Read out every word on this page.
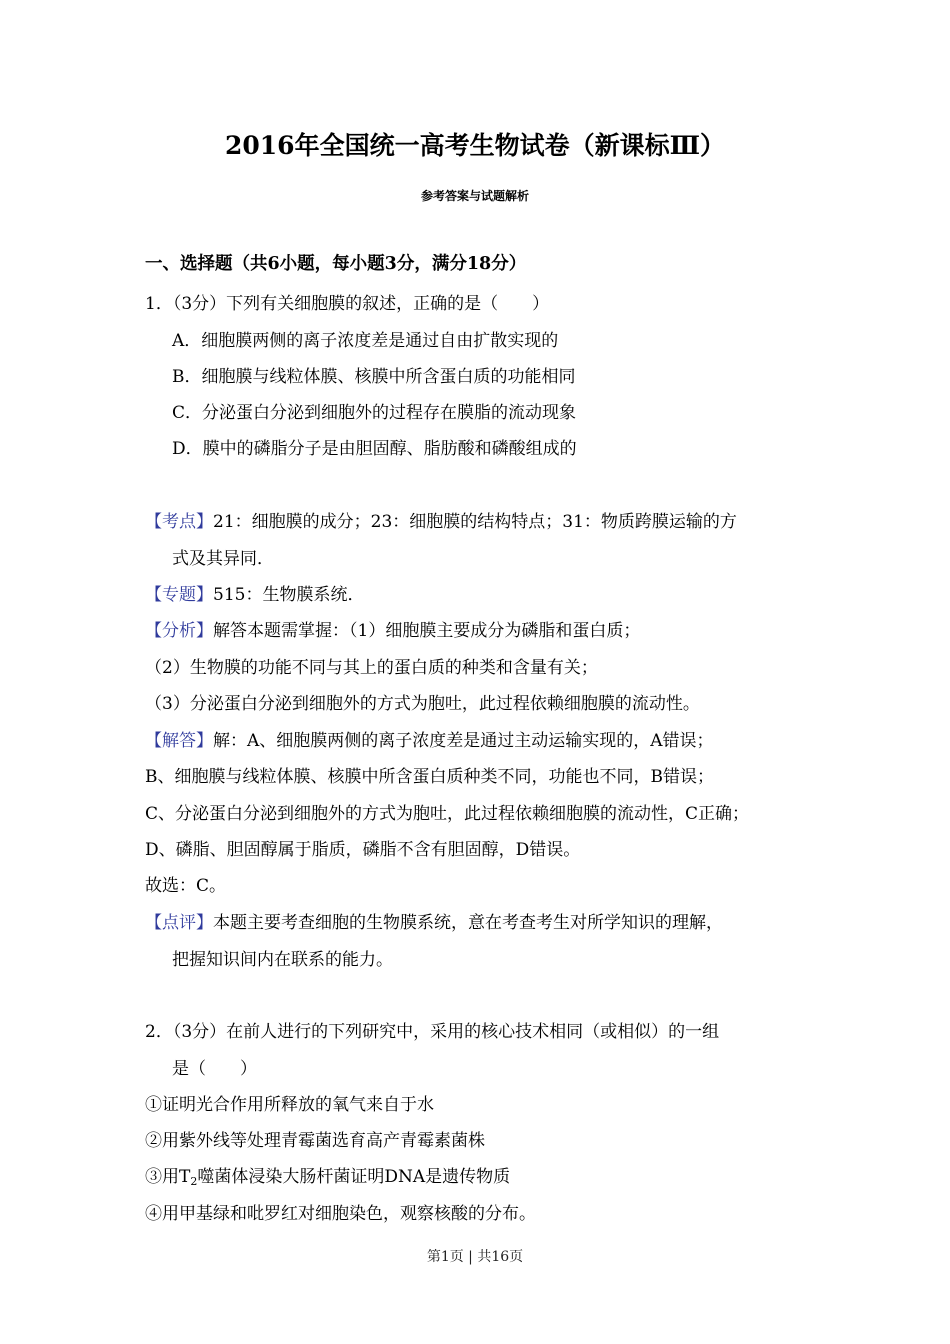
2016年全国统一高考生物试卷（新课标Ⅲ）
参考答案与试题解析
一、选择题（共6小题，每小题3分，满分18分）
1．（3分）下列有关细胞膜的叙述，正确的是（　　）
A．细胞膜两侧的离子浓度差是通过自由扩散实现的
B．细胞膜与线粒体膜、核膜中所含蛋白质的功能相同
C．分泌蛋白分泌到细胞外的过程存在膜脂的流动现象
D．膜中的磷脂分子是由胆固醇、脂肪酸和磷酸组成的
【考点】21：细胞膜的成分；23：细胞膜的结构特点；31：物质跨膜运输的方
式及其异同．
【专题】515：生物膜系统．
【分析】解答本题需掌握：（1）细胞膜主要成分为磷脂和蛋白质；
（2）生物膜的功能不同与其上的蛋白质的种类和含量有关；
（3）分泌蛋白分泌到细胞外的方式为胞吐，此过程依赖细胞膜的流动性。
【解答】解：A、细胞膜两侧的离子浓度差是通过主动运输实现的，A错误；
B、细胞膜与线粒体膜、核膜中所含蛋白质种类不同，功能也不同，B错误；
C、分泌蛋白分泌到细胞外的方式为胞吐，此过程依赖细胞膜的流动性，C正确；
D、磷脂、胆固醇属于脂质，磷脂不含有胆固醇，D错误。
故选：C。
【点评】本题主要考查细胞的生物膜系统，意在考查考生对所学知识的理解，
把握知识间内在联系的能力。
2．（3分）在前人进行的下列研究中，采用的核心技术相同（或相似）的一组
是（　　）
①证明光合作用所释放的氧气来自于水
②用紫外线等处理青霉菌选育高产青霉素菌株
③用$T_2$噬菌体浸染大肠杆菌证明DNA是遗传物质
④用甲基绿和吡罗红对细胞染色，观察核酸的分布。
第1页 | 共16页
